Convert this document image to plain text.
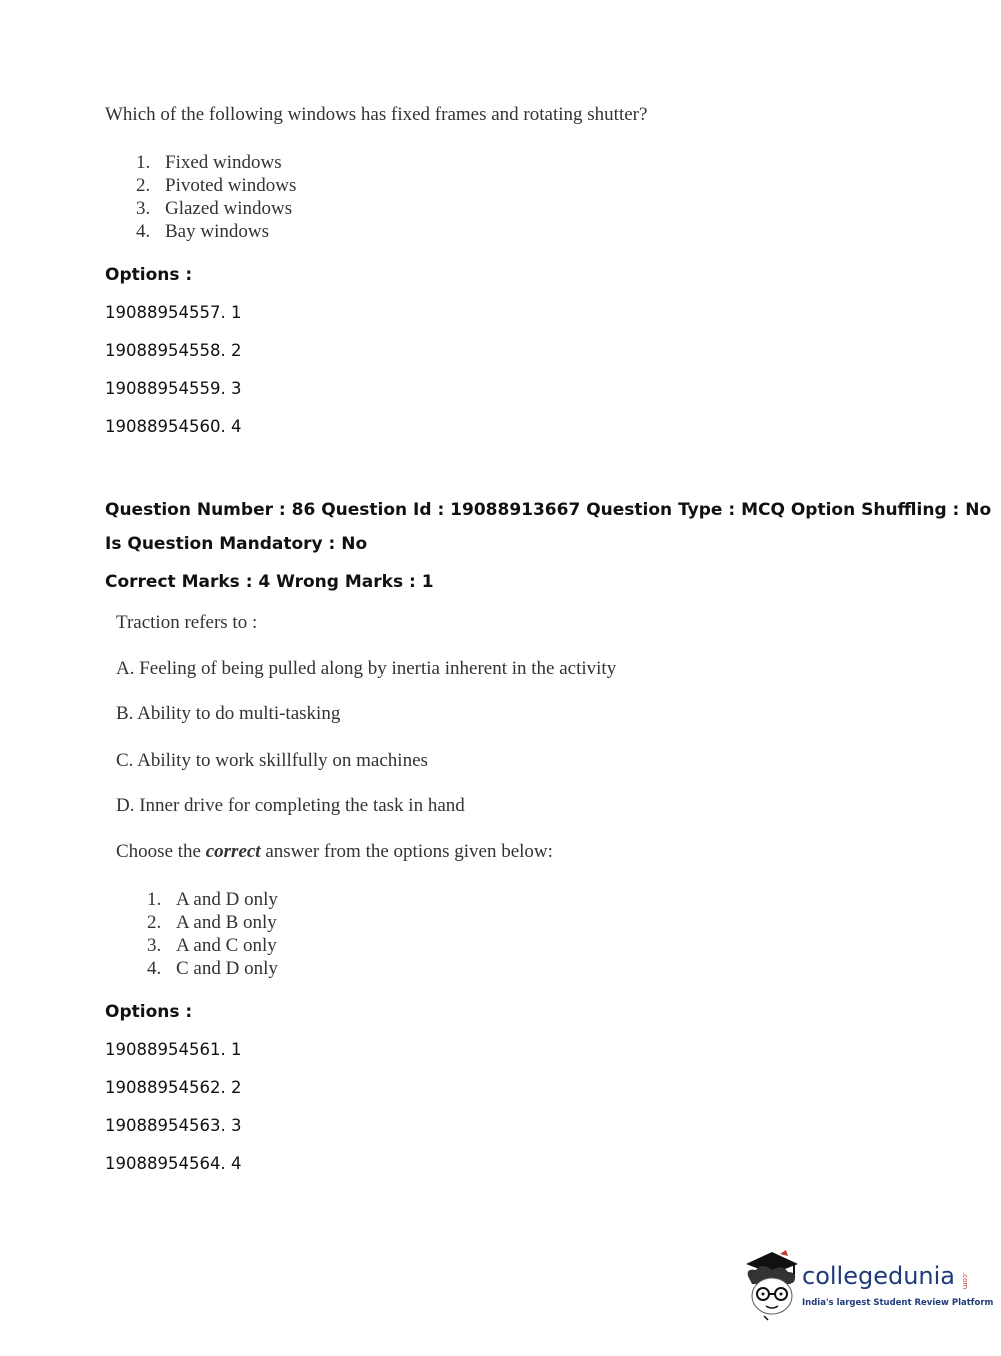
Which of the following windows has fixed frames and rotating shutter?
1. Fixed windows
2. Pivoted windows
3. Glazed windows
4. Bay windows
Options :
19088954557. 1
19088954558. 2
19088954559. 3
19088954560. 4
Question Number : 86 Question Id : 19088913667 Question Type : MCQ Option Shuffling : No
Is Question Mandatory : No
Correct Marks : 4 Wrong Marks : 1
Traction refers to :
A. Feeling of being pulled along by inertia inherent in the activity
B. Ability to do multi-tasking
C. Ability to work skillfully on machines
D. Inner drive for completing the task in hand
Choose the correct answer from the options given below:
1. A and D only
2. A and B only
3. A and C only
4. C and D only
Options :
19088954561. 1
19088954562. 2
19088954563. 3
19088954564. 4
collegedunia .com
India's largest Student Review Platform
